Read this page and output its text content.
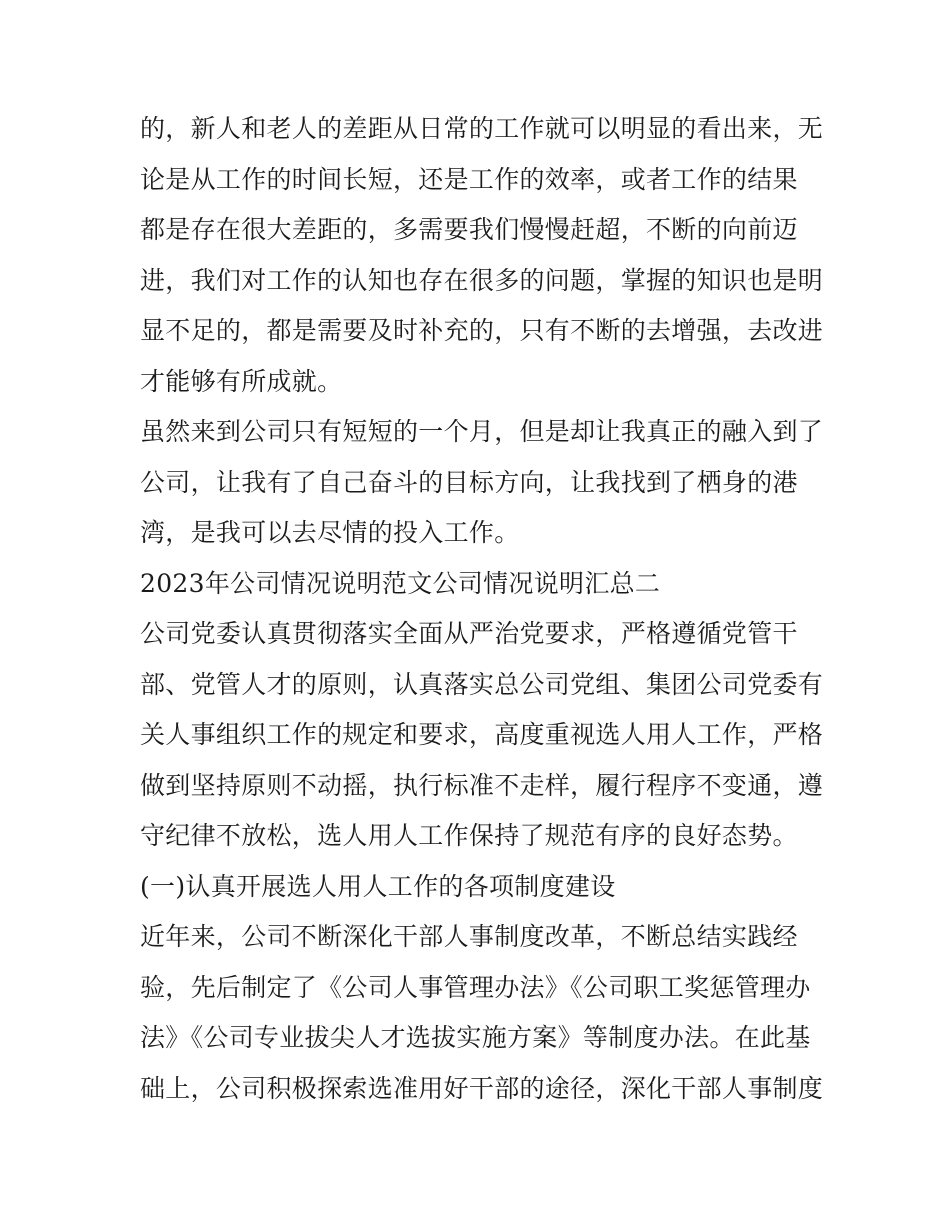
的，新人和老人的差距从日常的工作就可以明显的看出来，无
论是从工作的时间长短，还是工作的效率，或者工作的结果
都是存在很大差距的，多需要我们慢慢赶超，不断的向前迈
进，我们对工作的认知也存在很多的问题，掌握的知识也是明
显不足的，都是需要及时补充的，只有不断的去增强，去改进
才能够有所成就。
虽然来到公司只有短短的一个月，但是却让我真正的融入到了
公司，让我有了自己奋斗的目标方向，让我找到了栖身的港
湾，是我可以去尽情的投入工作。
2023年公司情况说明范文公司情况说明汇总二
公司党委认真贯彻落实全面从严治党要求，严格遵循党管干
部、党管人才的原则，认真落实总公司党组、集团公司党委有
关人事组织工作的规定和要求，高度重视选人用人工作，严格
做到坚持原则不动摇，执行标准不走样，履行程序不变通，遵
守纪律不放松，选人用人工作保持了规范有序的良好态势。
(一)认真开展选人用人工作的各项制度建设
近年来，公司不断深化干部人事制度改革，不断总结实践经
验，先后制定了《公司人事管理办法》《公司职工奖惩管理办
法》《公司专业拔尖人才选拔实施方案》等制度办法。在此基
础上，公司积极探索选准用好干部的途径，深化干部人事制度
